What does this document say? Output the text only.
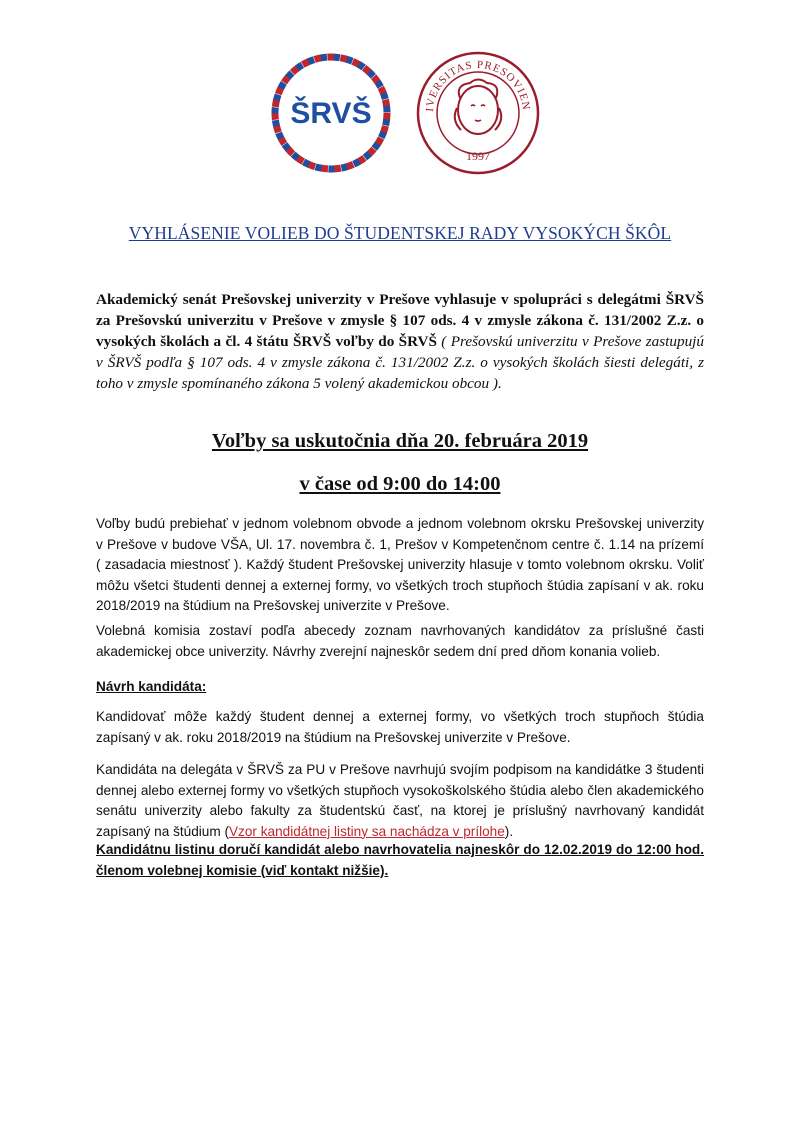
ŠRVŠ	IVERSITAS PRESOVIEN
1997
VYHLÁSENIE VOLIEB DO ŠTUDENTSKEJ RADY VYSOKÝCH ŠKÔL
Akademický senát Prešovskej univerzity v Prešove vyhlasuje v spolupráci s delegátmi ŠRVŠ za Prešovskú univerzitu v Prešove v zmysle § 107 ods. 4 v zmysle zákona č. 131/2002 Z.z. o vysokých školách a čl. 4 štátu ŠRVŠ voľby do ŠRVŠ ( Prešovskú univerzitu v Prešove zastupujú v ŠRVŠ podľa § 107 ods. 4 v zmysle zákona č. 131/2002 Z.z. o vysokých školách šiesti delegáti, z toho v zmysle spomínaného zákona 5 volený akademickou obcou ).
Voľby sa uskutočnia dňa 20. februára 2019
v čase od 9:00 do 14:00
Voľby budú prebiehať v jednom volebnom obvode a jednom volebnom okrsku Prešovskej univerzity v Prešove v budove VŠA, Ul. 17. novembra č. 1, Prešov v Kompetenčnom centre č. 1.14 na prízemí ( zasadacia miestnosť ). Každý študent Prešovskej univerzity hlasuje v tomto volebnom okrsku. Voliť môžu všetci študenti dennej a externej formy, vo všetkých troch stupňoch štúdia zapísaní v ak. roku 2018/2019 na štúdium na Prešovskej univerzite v Prešove.
Volebná komisia zostaví podľa abecedy zoznam navrhovaných kandidátov za príslušné časti akademickej obce univerzity. Návrhy zverejní najneskôr sedem dní pred dňom konania volieb.
Návrh kandidáta:
Kandidovať môže každý študent dennej a externej formy, vo všetkých troch stupňoch štúdia zapísaný v ak. roku 2018/2019 na štúdium na Prešovskej univerzite v Prešove.
Kandidáta na delegáta v ŠRVŠ za PU v Prešove navrhujú svojím podpisom na kandidátke 3 študenti dennej alebo externej formy vo všetkých stupňoch vysokoškolského štúdia alebo člen akademického senátu univerzity alebo fakulty za študentskú časť, na ktorej je príslušný navrhovaný kandidát zapísaný na štúdium (Vzor kandidátnej listiny sa nachádza v prílohe).
Kandidátnu listinu doručí kandidát alebo navrhovatelia najneskôr do 12.02.2019 do 12:00 hod. členom volebnej komisie (viď kontakt nižšie).
